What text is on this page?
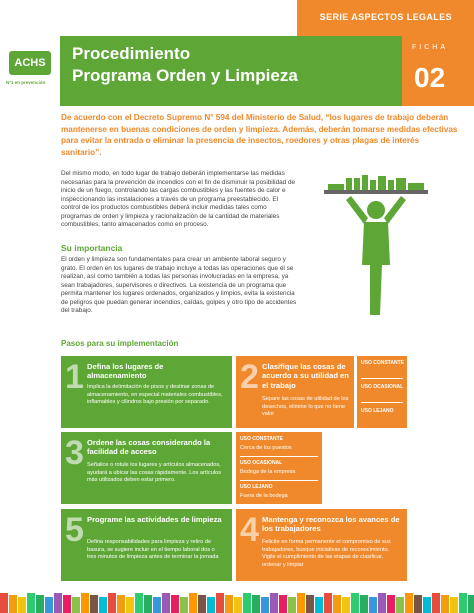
SERIE ASPECTOS LEGALES
ACHS
N°1 en prevención
Procedimiento
Programa Orden y Limpieza
FICHA
02
De acuerdo con el Decreto Supremo N° 594 del Ministerio de Salud, “los lugares de trabajo deberán mantenerse en buenas condiciones de orden y limpieza. Además, deberán tomarse medidas efectivas para evitar la entrada o eliminar la presencia de insectos, roedores y otras plagas de interés sanitario”.
Del mismo modo, en todo lugar de trabajo deberán implementarse las medidas necesarias para la prevención de incendios con el fin de disminuir la posibilidad de inicio de un fuego, controlando las cargas combustibles y las fuentes de calor e inspeccionando las instalaciones a través de un programa preestablecido. El control de los productos combustibles deberá incluir medidas tales como programas de orden y limpieza y racionalización de la cantidad de materiales combustibles, tanto almacenados como en proceso.
Su importancia
El orden y limpieza son fundamentales para crear un ambiente laboral seguro y grato. El orden en los lugares de trabajo incluye a todas las operaciones que él se realizan, así como también a todas las personas involucradas en la empresa, ya sean trabajadores, supervisores o directivos. La existencia de un programa que permita mantener los lugares ordenados, organizados y limpios, evita la existencia de peligros que puedan generar incendios, caídas, golpes y otro tipo de accidentes del trabajo.
Pasos para su implementación
1 Defina los lugares de almacenamiento
Implica la delimitación de pisos y destinar zonas de almacenamiento, en especial materiales combustibles, inflamables y cilindros bajo presión por separado.
2 Clasifique las cosas de acuerdo a su utilidad en el trabajo
Separe las cosas de utilidad de los desechos, elimine lo que no tiene valor
USO CONSTANTE
USO OCASIONAL
USO LEJANO
3 Ordene las cosas considerando la facilidad de acceso
Señalice o rotule los lugares y artículos almacenados, ayudará a ubicar las cosas rápidamente. Los artículos más utilizados deben estar primero.
USO CONSTANTE
Cerca de los puestos
USO OCASIONAL
Bodega de la empresa
USO LEJANO
Fuera de la bodega
5 Programe las actividades de limpieza
Defina responsabilidades para limpieza y retiro de basura, se sugiere incluir en el tiempo laboral dos o tres minutos de limpieza antes de terminar la jornada
4 Mantenga y reconozca los avances de los trabajadores
Felicite en forma permanente el compromiso de sus trabajadores, busque iniciativas de reconocimiento. Vigile el cumplimiento de las etapas de clasificar, ordenar y limpiar
